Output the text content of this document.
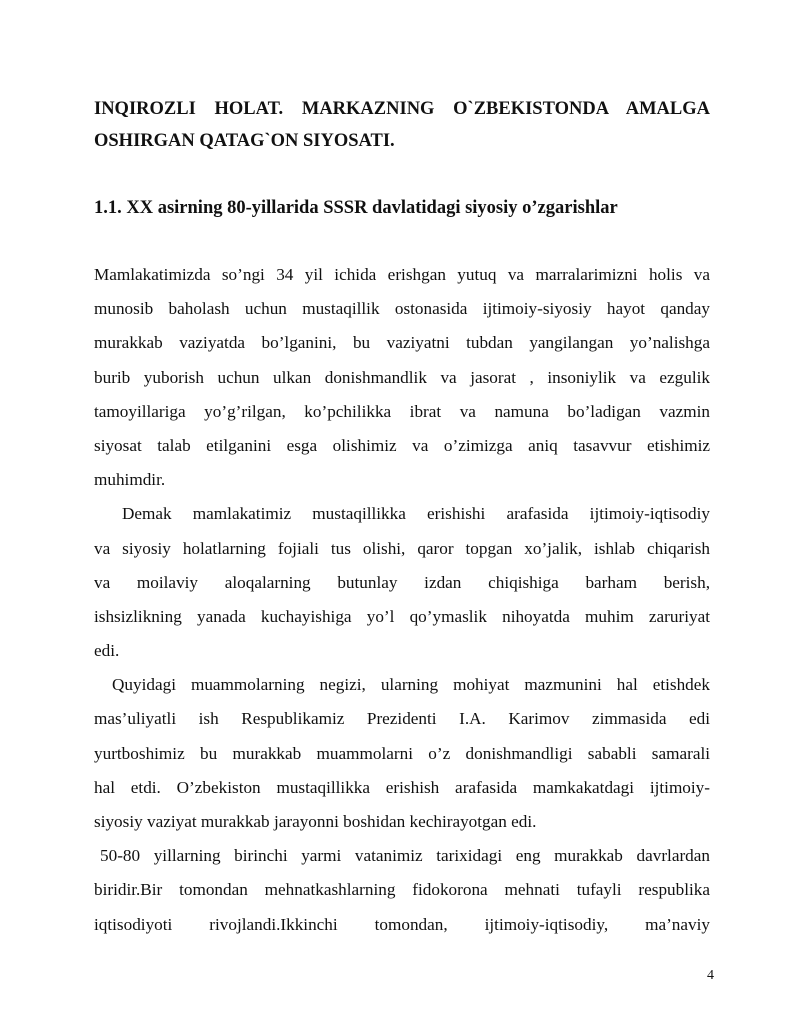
INQIROZLI HOLAT. MARKAZNING O`ZBEKISTONDA AMALGA
OSHIRGAN QATAG`ON SIYOSATI.
1.1. XX asirning 80-yillarida SSSR davlatidagi siyosiy o’zgarishlar
Mamlakatimizda so’ngi 34 yil ichida erishgan yutuq va marralarimizni holis va
munosib baholash uchun mustaqillik ostonasida ijtimoiy-siyosiy hayot qanday
murakkab vaziyatda bo’lganini, bu vaziyatni tubdan yangilangan yo’nalishga
burib yuborish uchun ulkan donishmandlik va jasorat , insoniylik va ezgulik
tamoyillariga yo’g’rilgan, ko’pchilikka ibrat va namuna bo’ladigan vazmin
siyosat talab etilganini esga olishimiz va o’zimizga aniq tasavvur etishimiz
muhimdir.
Demak mamlakatimiz mustaqillikka erishishi arafasida ijtimoiy-iqtisodiy
va siyosiy holatlarning fojiali tus olishi, qaror topgan xo’jalik, ishlab chiqarish
va moilaviy aloqalarning butunlay izdan chiqishiga barham berish,
ishsizlikning yanada kuchayishiga yo’l qo’ymaslik nihoyatda muhim zaruriyat
edi.
Quyidagi muammolarning negizi, ularning mohiyat mazmunini hal etishdek
mas’uliyatli ish Respublikamiz Prezidenti I.A. Karimov zimmasida edi
yurtboshimiz bu murakkab muammolarni o’z donishmandligi sababli samarali
hal etdi. O’zbekiston mustaqillikka erishish arafasida mamkakatdagi ijtimoiy-
siyosiy vaziyat murakkab jarayonni boshidan kechirayotgan edi.
50-80 yillarning birinchi yarmi vatanimiz tarixidagi eng murakkab davrlardan
biridir.Bir tomondan mehnatkashlarning fidokorona mehnati tufayli respublika
iqtisodiyoti rivojlandi.Ikkinchi tomondan, ijtimoiy-iqtisodiy, ma’naviy
4
